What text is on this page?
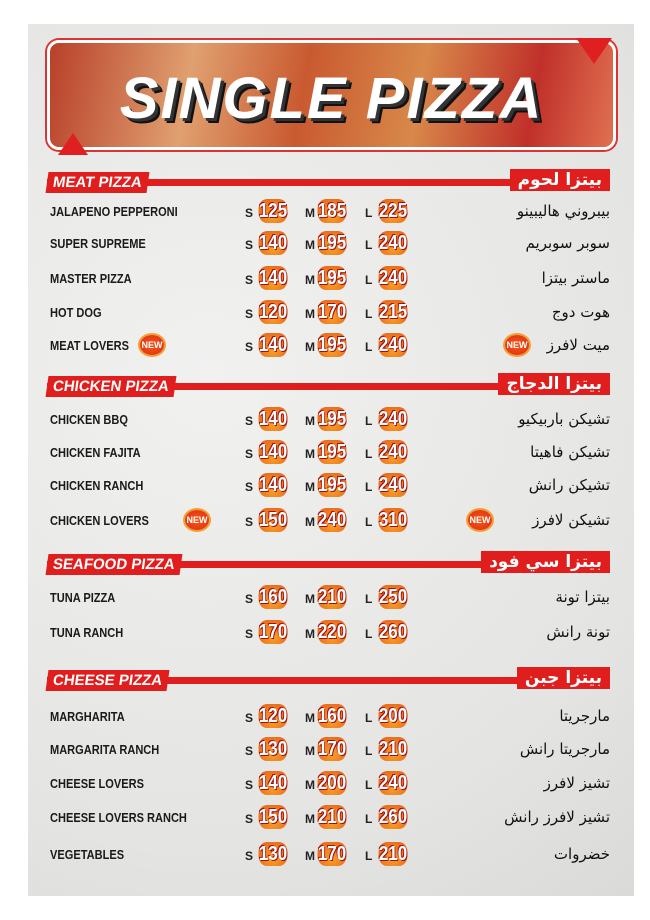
SINGLE PIZZA
MEAT PIZZA	بيتزا لحوم
JALAPENO PEPPERONI	بيبروني هاليبينو
S 125 M 185 L 225
SUPER SUPREME	سوبر سوبريم
S 140 M 195 L 240
MASTER PIZZA	ماستر بيتزا
S 140 M 195 L 240
HOT DOG	هوت دوج
S 120 M 170 L 215
MEAT LOVERS	ميت لافرز
S 140 M 195 L 240
NEW	NEW
CHICKEN PIZZA	بيتزا الدجاج
CHICKEN BBQ	تشيكن باربيكيو
S 140 M 195 L 240
CHICKEN FAJITA	تشيكن فاهيتا
S 140 M 195 L 240
CHICKEN RANCH	تشيكن رانش
S 140 M 195 L 240
CHICKEN LOVERS	تشيكن لافرز
S 150 M 240 L 310
NEW	NEW
SEAFOOD PIZZA	بيتزا سي فود
TUNA PIZZA	بيتزا تونة
S 160 M 210 L 250
TUNA RANCH	تونة رانش
S 170 M 220 L 260
CHEESE PIZZA	بيتزا جبن
MARGHARITA	مارجريتا
S 120 M 160 L 200
MARGARITA RANCH	مارجريتا رانش
S 130 M 170 L 210
CHEESE LOVERS	تشيز لافرز
S 140 M 200 L 240
CHEESE LOVERS RANCH	تشيز لافرز رانش
S 150 M 210 L 260
VEGETABLES	خضروات
S 130 M 170 L 210
